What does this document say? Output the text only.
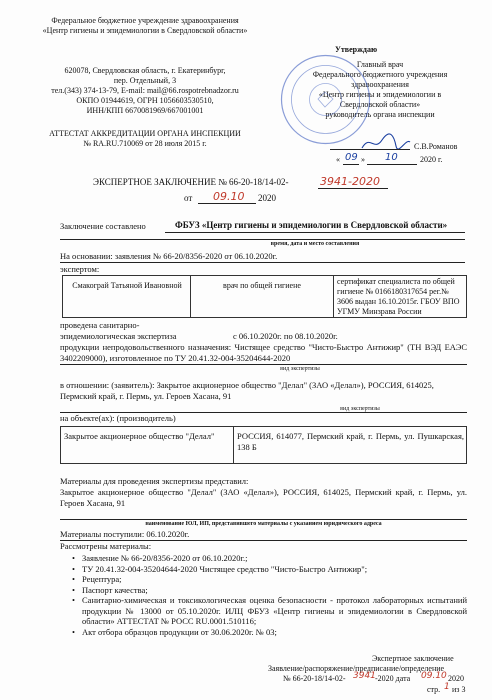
Федеральное бюджетное учреждение здравоохранения
«Центр гигиены и эпидемиологии в Свердловской области»
620078, Свердловская область, г. Екатеринбург,
пер. Отдельный, 3
тел.(343) 374-13-79, E-mail: mail@66.rospotrebnadzor.ru
ОКПО 01944619, ОГРН 1056603530510,
ИНН/КПП 6670081969/667001001
АТТЕСТАТ АККРЕДИТАЦИИ ОРГАНА ИНСПЕКЦИИ
№ RA.RU.710069 от 28 июля 2015 г.
Утверждаю
Главный врач
Федерального бюджетного учреждения
здравоохранения
«Центр гигиены и эпидемиологии в
Свердловской области»
руководитель органа инспекции
С.В.Романов
« 09 » 10	2020 г.
ЭКСПЕРТНОЕ ЗАКЛЮЧЕНИЕ № 66-20-18/14-02-	3941-2020
от 09.10 2020
Заключение составлено	ФБУЗ «Центр гигиены и эпидемиологии в Свердловской области»
время, дата и место составления
На основании: заявления № 66-20/8356-2020 от 06.10.2020г.
экспертом:
Смакограй Татьяной Ивановной	врач по общей гигиене	сертификат специалиста по общей гигиене № 0166180317654 рег.№ 3606 выдан 16.10.2015г. ГБОУ ВПО УГМУ Минзрава России
проведена санитарно-
эпидемиологическая экспертиза	с 06.10.2020г. по 08.10.2020г.
продукции непродовольственного назначения: Чистящее средство "Чисто-Быстро Антижир" (ТН ВЭД ЕАЭС 3402209000), изготовленное по ТУ 20.41.32-004-35204644-2020
вид экспертизы
в отношении: (заявитель): Закрытое акционерное общество "Делал" (ЗАО «Делал»), РОССИЯ, 614025, Пермский край, г. Пермь, ул. Героев Хасана, 91
на объекте(ах): (производитель)
вид экспертизы
Закрытое акционерное общество "Делал"	РОССИЯ, 614077, Пермский край, г. Пермь, ул. Пушкарская, 138 Б
Материалы для проведения экспертизы представил:
Закрытое акционерное общество "Делал" (ЗАО «Делал»), РОССИЯ, 614025, Пермский край, г. Пермь, ул. Героев Хасана, 91
наименование ЮЛ, ИП, представившего материалы с указанием юридического адреса
Материалы поступили: 06.10.2020г.
Рассмотрены материалы:
• Заявление № 66-20/8356-2020 от 06.10.2020г.;
• ТУ 20.41.32-004-35204644-2020 Чистящее средство "Чисто-Быстро Антижир";
• Рецептура;
• Паспорт качества;
• Санитарно-химическая и токсикологическая оценка безопасности - протокол лабораторных испытаний продукции № 13000 от 05.10.2020г. ИЛЦ ФБУЗ «Центр гигиены и эпидемиологии в Свердловской области» АТТЕСТАТ № РОСС RU.0001.510116;
• Акт отбора образцов продукции от 30.06.2020г. № 03;
Экспертное заключение
Заявление/распоряжение/предписание/определение
№ 66-20-18/14-02- 3941 -2020 дата 09.10 2020
стр. 1 из 3
